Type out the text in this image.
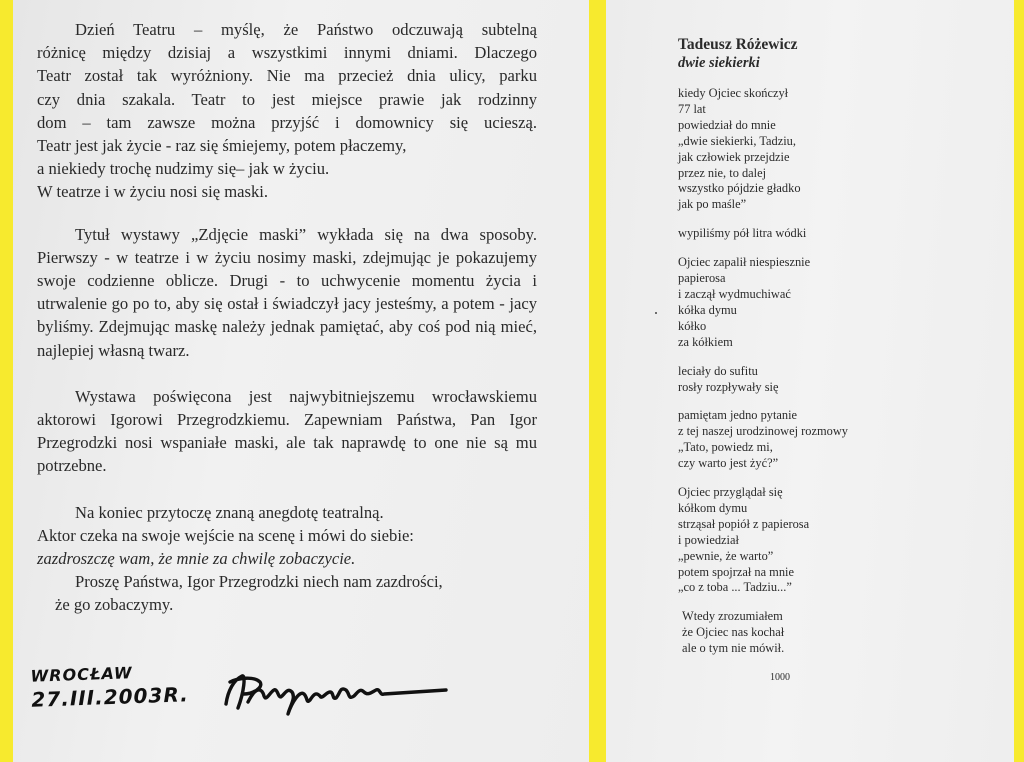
Dzień Teatru – myślę, że Państwo odczuwają subtelną
różnicę między dzisiaj a wszystkimi innymi dniami. Dlaczego
Teatr został tak wyróżniony. Nie ma przecież dnia ulicy, parku
czy dnia szakala. Teatr to jest miejsce prawie jak rodzinny
dom – tam zawsze można przyjść i domownicy się ucieszą.
Teatr jest jak życie - raz się śmiejemy, potem płaczemy,
a niekiedy trochę nudzimy się– jak w życiu.
W teatrze i w życiu nosi się maski.

Tytuł wystawy „Zdjęcie maski” wykłada się na dwa sposoby. Pierwszy - w teatrze i w życiu nosimy maski, zdejmując je pokazujemy swoje codzienne oblicze. Drugi - to uchwycenie momentu życia i utrwalenie go po to, aby się ostał i świadczył jacy jesteśmy, a potem - jacy byliśmy. Zdejmując maskę należy jednak pamiętać, aby coś pod nią mieć, najlepiej własną twarz.

Wystawa poświęcona jest najwybitniejszemu wrocławskiemu aktorowi Igorowi Przegrodzkiemu. Zapewniam Państwa, Pan Igor Przegrodzki nosi wspaniałe maski, ale tak naprawdę to one nie są mu potrzebne.

Na koniec przytoczę znaną anegdotę teatralną.
Aktor czeka na swoje wejście na scenę i mówi do siebie:
zazdroszczę wam, że mnie za chwilę zobaczycie.
Proszę Państwa, Igor Przegrodzki niech nam zazdrości,
że go zobaczymy.

WROCŁAW
27.III.2003R.
Tadeusz Różewicz
dwie siekierki
kiedy Ojciec skończył
77 lat
powiedział do mnie
„dwie siekierki, Tadziu,
jak człowiek przejdzie
przez nie, to dalej
wszystko pójdzie gładko
jak po maśle”
wypiliśmy pół litra wódki
Ojciec zapalił niespiesznie
papierosa
i zaczął wydmuchiwać
kółka dymu
kółko
za kółkiem
leciały do sufitu
rosły rozpływały się
pamiętam jedno pytanie
z tej naszej urodzinowej rozmowy
„Tato, powiedz mi,
czy warto jest żyć?”
Ojciec przyglądał się
kółkom dymu
strząsał popiół z papierosa
i powiedział
„pewnie, że warto”
potem spojrzał na mnie
„co z toba ... Tadziu...”
Wtedy zrozumiałem
że Ojciec nas kochał
ale o tym nie mówił.
1000
